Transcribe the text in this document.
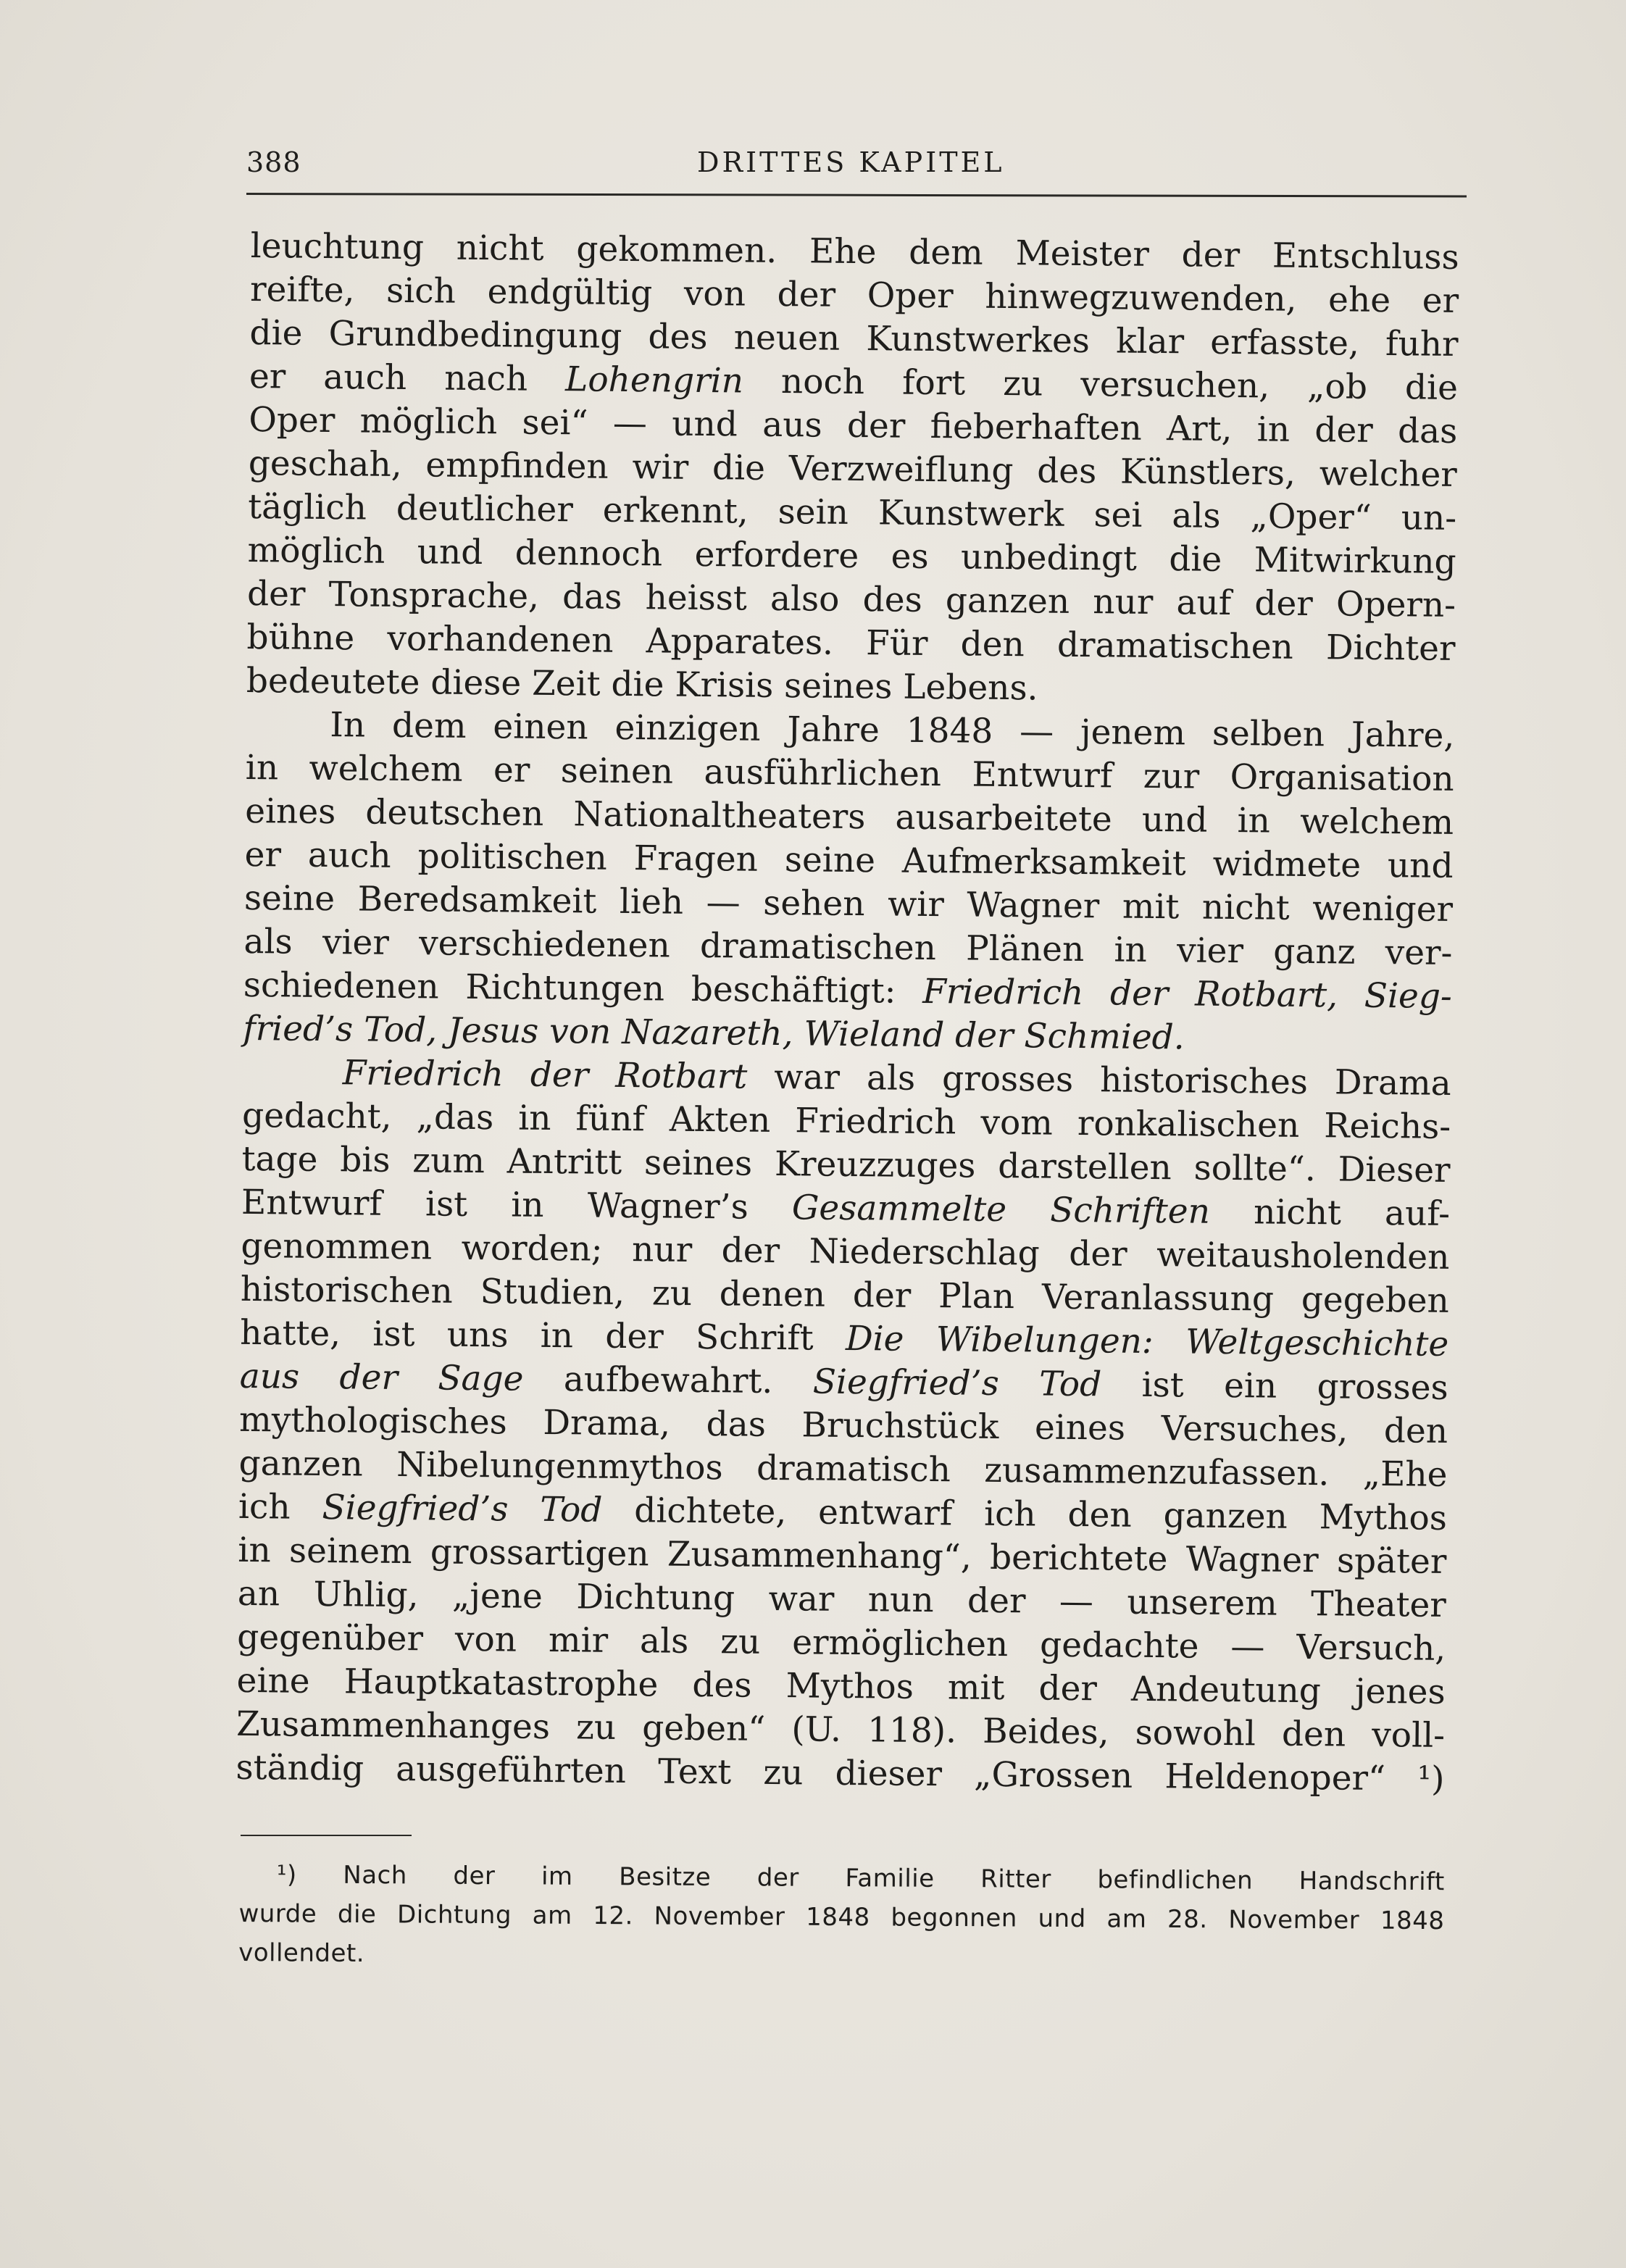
388	DRITTES KAPITEL
leuchtung nicht gekommen. Ehe dem Meister der Entschluss
reifte, sich endgültig von der Oper hinwegzuwenden, ehe er
die Grundbedingung des neuen Kunstwerkes klar erfasste, fuhr
er auch nach Lohengrin noch fort zu versuchen, „ob die
Oper möglich sei“ — und aus der fieberhaften Art, in der das
geschah, empfinden wir die Verzweiflung des Künstlers, welcher
täglich deutlicher erkennt, sein Kunstwerk sei als „Oper“ un-
möglich und dennoch erfordere es unbedingt die Mitwirkung
der Tonsprache, das heisst also des ganzen nur auf der Opern-
bühne vorhandenen Apparates. Für den dramatischen Dichter
bedeutete diese Zeit die Krisis seines Lebens.
In dem einen einzigen Jahre 1848 — jenem selben Jahre,
in welchem er seinen ausführlichen Entwurf zur Organisation
eines deutschen Nationaltheaters ausarbeitete und in welchem
er auch politischen Fragen seine Aufmerksamkeit widmete und
seine Beredsamkeit lieh — sehen wir Wagner mit nicht weniger
als vier verschiedenen dramatischen Plänen in vier ganz ver-
schiedenen Richtungen beschäftigt: Friedrich der Rotbart, Sieg-
fried’s Tod, Jesus von Nazareth, Wieland der Schmied.
Friedrich der Rotbart war als grosses historisches Drama
gedacht, „das in fünf Akten Friedrich vom ronkalischen Reichs-
tage bis zum Antritt seines Kreuzzuges darstellen sollte“. Dieser
Entwurf ist in Wagner’s Gesammelte Schriften nicht auf-
genommen worden; nur der Niederschlag der weitausholenden
historischen Studien, zu denen der Plan Veranlassung gegeben
hatte, ist uns in der Schrift Die Wibelungen: Weltgeschichte
aus der Sage aufbewahrt. Siegfried’s Tod ist ein grosses
mythologisches Drama, das Bruchstück eines Versuches, den
ganzen Nibelungenmythos dramatisch zusammenzufassen. „Ehe
ich Siegfried’s Tod dichtete, entwarf ich den ganzen Mythos
in seinem grossartigen Zusammenhang“, berichtete Wagner später
an Uhlig, „jene Dichtung war nun der — unserem Theater
gegenüber von mir als zu ermöglichen gedachte — Versuch,
eine Hauptkatastrophe des Mythos mit der Andeutung jenes
Zusammenhanges zu geben“ (U. 118). Beides, sowohl den voll-
ständig ausgeführten Text zu dieser „Grossen Heldenoper“ ¹)
¹) Nach der im Besitze der Familie Ritter befindlichen Handschrift
wurde die Dichtung am 12. November 1848 begonnen und am 28. November 1848
vollendet.
